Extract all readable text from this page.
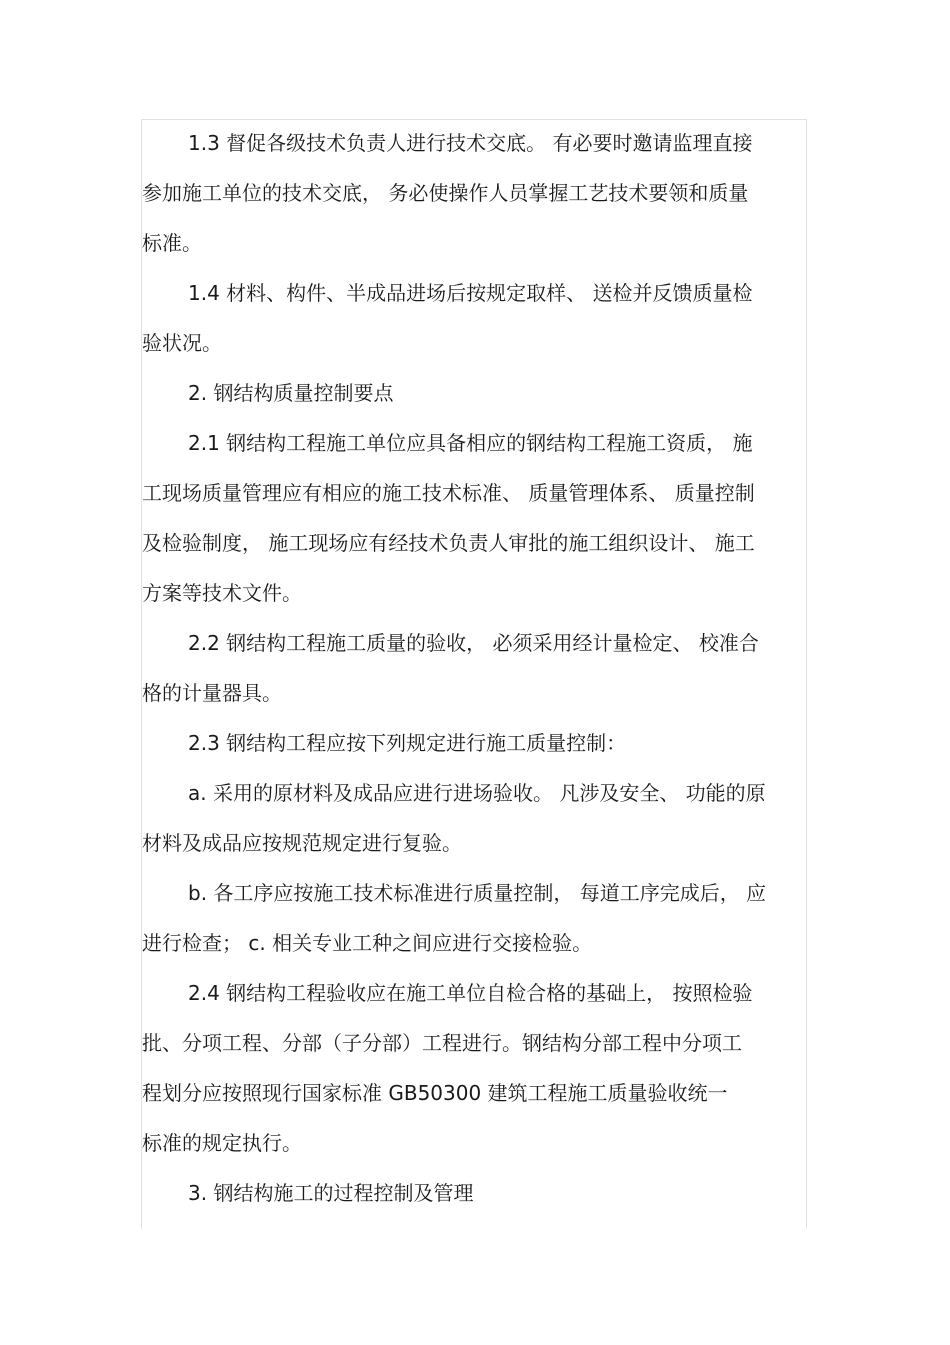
1.3 督促各级技术负责人进行技术交底。 有必要时邀请监理直接
参加施工单位的技术交底， 务必使操作人员掌握工艺技术要领和质量
标准。
1.4 材料、构件、半成品进场后按规定取样、 送检并反馈质量检
验状况。
2. 钢结构质量控制要点
2.1 钢结构工程施工单位应具备相应的钢结构工程施工资质， 施
工现场质量管理应有相应的施工技术标准、 质量管理体系、 质量控制
及检验制度， 施工现场应有经技术负责人审批的施工组织设计、 施工
方案等技术文件。
2.2 钢结构工程施工质量的验收， 必须采用经计量检定、 校准合
格的计量器具。
2.3 钢结构工程应按下列规定进行施工质量控制：
a. 采用的原材料及成品应进行进场验收。 凡涉及安全、 功能的原
材料及成品应按规范规定进行复验。
b. 各工序应按施工技术标准进行质量控制， 每道工序完成后， 应
进行检查； c. 相关专业工种之间应进行交接检验。
2.4 钢结构工程验收应在施工单位自检合格的基础上， 按照检验
批、分项工程、分部（子分部）工程进行。钢结构分部工程中分项工
程划分应按照现行国家标准 GB50300 建筑工程施工质量验收统一
标准的规定执行。
3. 钢结构施工的过程控制及管理
